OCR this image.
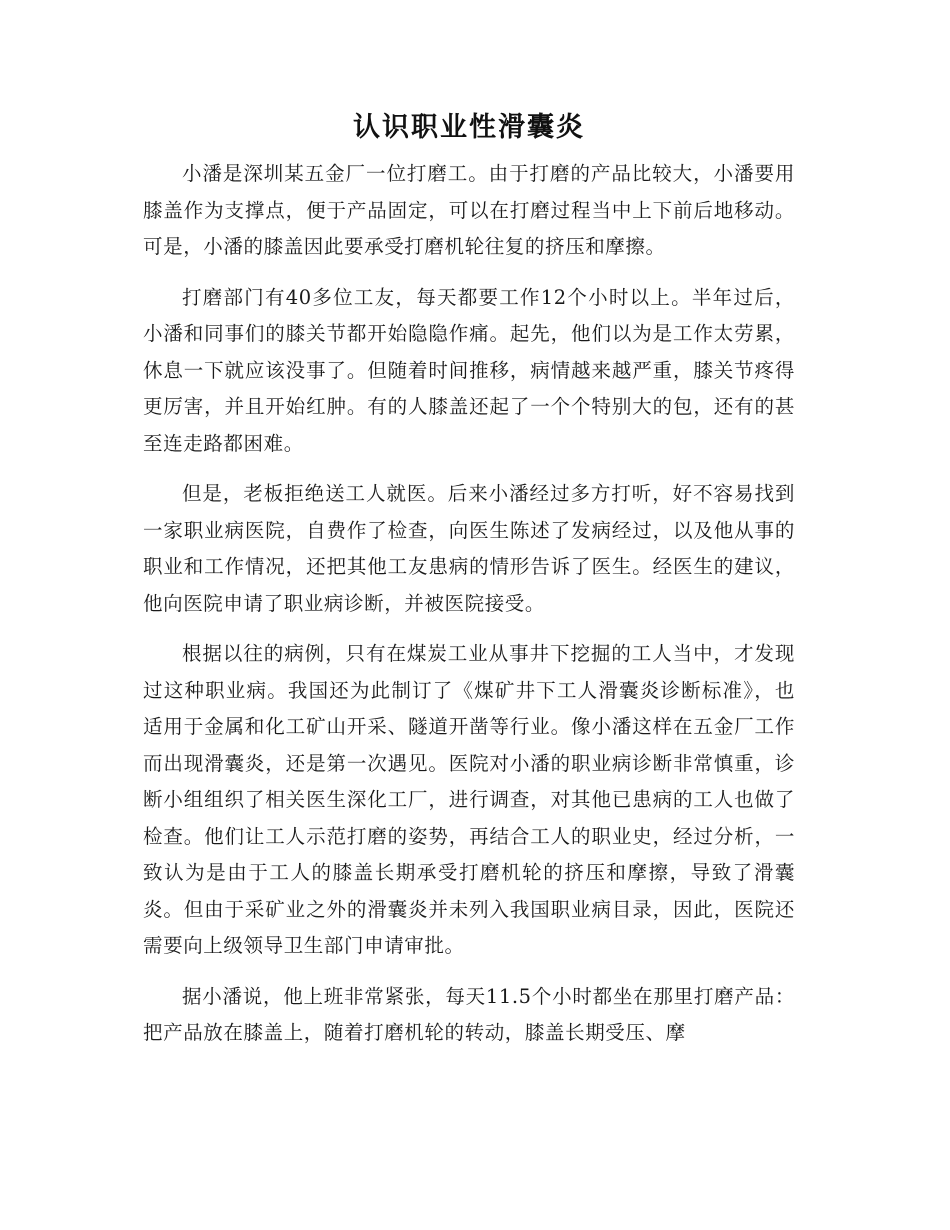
认识职业性滑囊炎

小潘是深圳某五金厂一位打磨工。由于打磨的产品比较大，小潘要用膝盖作为支撑点，便于产品固定，可以在打磨过程当中上下前后地移动。可是，小潘的膝盖因此要承受打磨机轮往复的挤压和摩擦。

打磨部门有40多位工友，每天都要工作12个小时以上。半年过后，小潘和同事们的膝关节都开始隐隐作痛。起先，他们以为是工作太劳累，休息一下就应该没事了。但随着时间推移，病情越来越严重，膝关节疼得更厉害，并且开始红肿。有的人膝盖还起了一个个特别大的包，还有的甚至连走路都困难。

但是，老板拒绝送工人就医。后来小潘经过多方打听，好不容易找到一家职业病医院，自费作了检查，向医生陈述了发病经过，以及他从事的职业和工作情况，还把其他工友患病的情形告诉了医生。经医生的建议，他向医院申请了职业病诊断，并被医院接受。

根据以往的病例，只有在煤炭工业从事井下挖掘的工人当中，才发现过这种职业病。我国还为此制订了《煤矿井下工人滑囊炎诊断标准》，也适用于金属和化工矿山开采、隧道开凿等行业。像小潘这样在五金厂工作而出现滑囊炎，还是第一次遇见。医院对小潘的职业病诊断非常慎重，诊断小组组织了相关医生深化工厂，进行调查，对其他已患病的工人也做了检查。他们让工人示范打磨的姿势，再结合工人的职业史，经过分析，一致认为是由于工人的膝盖长期承受打磨机轮的挤压和摩擦，导致了滑囊炎。但由于采矿业之外的滑囊炎并未列入我国职业病目录，因此，医院还需要向上级领导卫生部门申请审批。

据小潘说，他上班非常紧张，每天11.5个小时都坐在那里打磨产品：把产品放在膝盖上，随着打磨机轮的转动，膝盖长期受压、摩
